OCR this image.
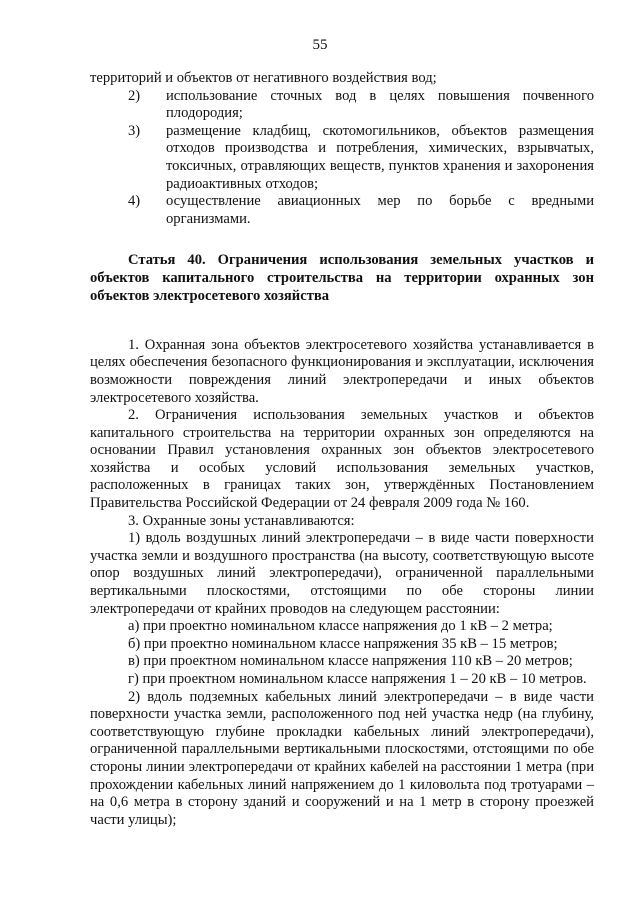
55

территорий и объектов от негативного воздействия вод;

2)	использование сточных вод в целях повышения почвенного плодородия;
3)	размещение кладбищ, скотомогильников, объектов размещения отходов производства и потребления, химических, взрывчатых, токсичных, отравляющих веществ, пунктов хранения и захоронения радиоактивных отходов;
4)	осуществление авиационных мер по борьбе с вредными организмами.
Статья 40. Ограничения использования земельных участков и объектов капитального строительства на территории охранных зон объектов электросетевого хозяйства

1. Охранная зона объектов электросетевого хозяйства устанавливается в целях обеспечения безопасного функционирования и эксплуатации, исключения возможности повреждения линий электропередачи и иных объектов электросетевого хозяйства.

2. Ограничения использования земельных участков и объектов капитального строительства на территории охранных зон определяются на основании Правил установления охранных зон объектов электросетевого хозяйства и особых условий использования земельных участков, расположенных в границах таких зон, утверждённых Постановлением Правительства Российской Федерации от 24 февраля 2009 года № 160.

3. Охранные зоны устанавливаются:

1) вдоль воздушных линий электропередачи – в виде части поверхности участка земли и воздушного пространства (на высоту, соответствующую высоте опор воздушных линий электропередачи), ограниченной параллельными вертикальными плоскостями, отстоящими по обе стороны линии электропередачи от крайних проводов на следующем расстоянии:

а) при проектно номинальном классе напряжения до 1 кВ – 2 метра;

б) при проектно номинальном классе напряжения 35 кВ – 15 метров;

в) при проектном номинальном классе напряжения 110 кВ – 20 метров;

г) при проектном номинальном классе напряжения 1 – 20 кВ – 10 метров.

2) вдоль подземных кабельных линий электропередачи – в виде части поверхности участка земли, расположенного под ней участка недр (на глубину, соответствующую глубине прокладки кабельных линий электропередачи), ограниченной параллельными вертикальными плоскостями, отстоящими по обе стороны линии электропередачи от крайних кабелей на расстоянии 1 метра (при прохождении кабельных линий напряжением до 1 киловольта под тротуарами – на 0,6 метра в сторону зданий и сооружений и на 1 метр в сторону проезжей части улицы);
